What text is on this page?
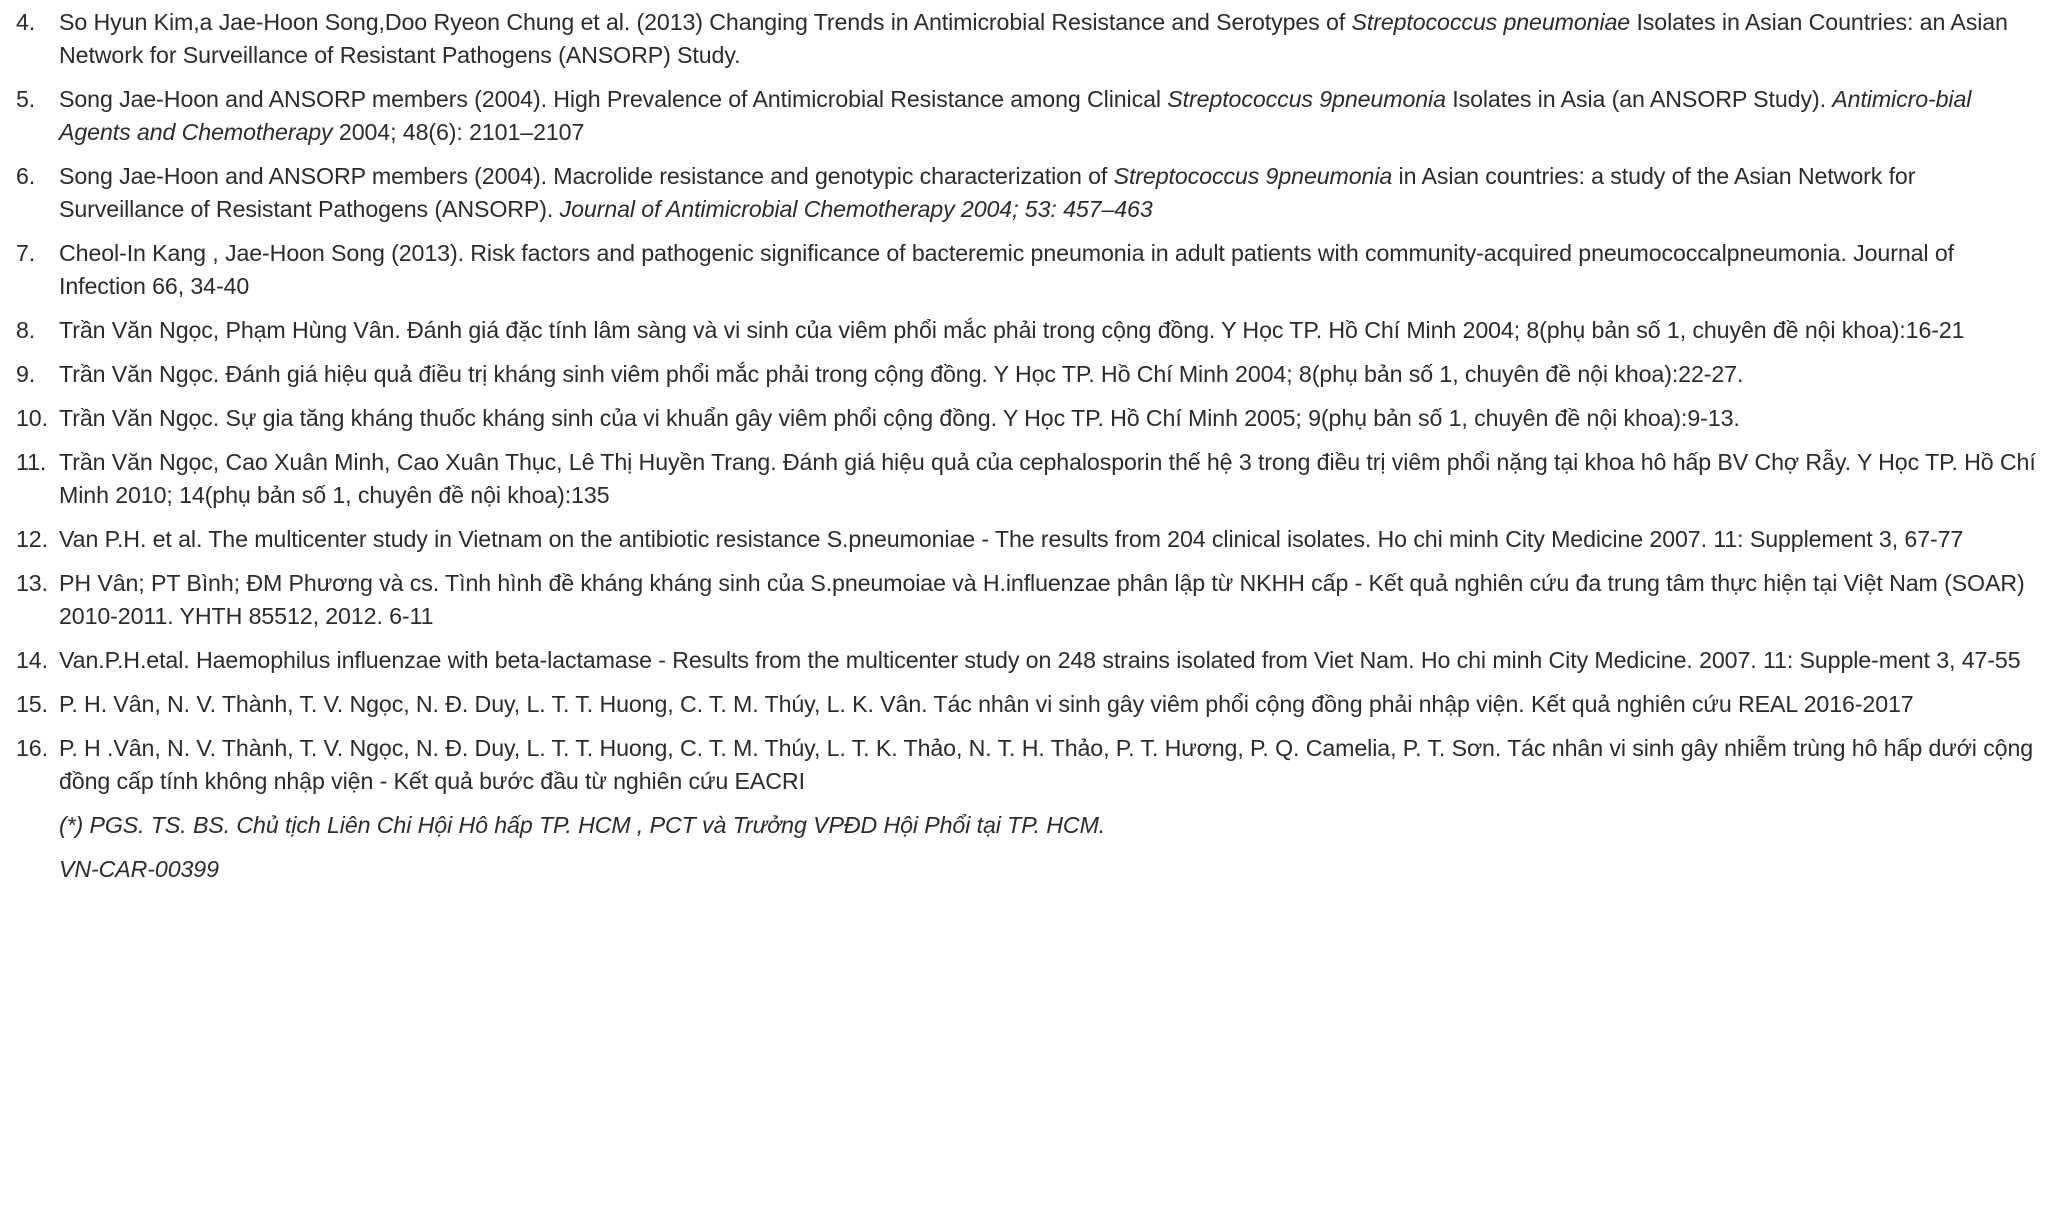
4.	So Hyun Kim,a Jae-Hoon Song,Doo Ryeon Chung et al. (2013) Changing Trends in Antimicrobial Resistance and Serotypes of Streptococcus pneumoniae Isolates in Asian Countries: an Asian Network for Surveillance of Resistant Pathogens (ANSORP) Study.
5.	Song Jae-Hoon and ANSORP members (2004). High Prevalence of Antimicrobial Resistance among Clinical Streptococcus 9pneumonia Isolates in Asia (an ANSORP Study). Antimicro-bial Agents and Chemotherapy 2004; 48(6): 2101–2107
6.	Song Jae-Hoon and ANSORP members (2004). Macrolide resistance and genotypic characterization of Streptococcus 9pneumonia in Asian countries: a study of the Asian Network for Surveillance of Resistant Pathogens (ANSORP). Journal of Antimicrobial Chemotherapy 2004; 53: 457–463
7.	Cheol-In Kang , Jae-Hoon Song (2013). Risk factors and pathogenic significance of bacteremic pneumonia in adult patients with community-acquired pneumococcalpneumonia. Journal of Infection 66, 34-40
8.	Trần Văn Ngọc, Phạm Hùng Vân. Đánh giá đặc tính lâm sàng và vi sinh của viêm phổi mắc phải trong cộng đồng. Y Học TP. Hồ Chí Minh 2004; 8(phụ bản số 1, chuyên đề nội khoa):16-21
9.	Trần Văn Ngọc. Đánh giá hiệu quả điều trị kháng sinh viêm phổi mắc phải trong cộng đồng. Y Học TP. Hồ Chí Minh 2004; 8(phụ bản số 1, chuyên đề nội khoa):22-27.
10. Trần Văn Ngọc. Sự gia tăng kháng thuốc kháng sinh của vi khuẩn gây viêm phổi cộng đồng. Y Học TP. Hồ Chí Minh 2005; 9(phụ bản số 1, chuyên đề nội khoa):9-13.
11. Trần Văn Ngọc, Cao Xuân Minh, Cao Xuân Thục, Lê Thị Huyền Trang. Đánh giá hiệu quả của cephalosporin thế hệ 3 trong điều trị viêm phổi nặng tại khoa hô hấp BV Chợ Rẫy. Y Học TP. Hồ Chí Minh 2010; 14(phụ bản số 1, chuyên đề nội khoa):135
12. Van P.H. et al. The multicenter study in Vietnam on the antibiotic resistance S.pneumoniae - The results from 204 clinical isolates. Ho chi minh City Medicine 2007. 11: Supplement 3, 67-77
13. PH Vân; PT Bình; ĐM Phương và cs. Tình hình đề kháng kháng sinh của S.pneumoiae và H.influenzae phân lập từ NKHH cấp - Kết quả nghiên cứu đa trung tâm thực hiện tại Việt Nam (SOAR) 2010-2011. YHTH 85512, 2012. 6-11
14. Van.P.H.etal. Haemophilus influenzae with beta-lactamase - Results from the multicenter study on 248 strains isolated from Viet Nam. Ho chi minh City Medicine. 2007. 11: Supple-ment 3, 47-55
15. P. H. Vân, N. V. Thành, T. V. Ngọc, N. Đ. Duy, L. T. T. Huong, C. T. M. Thúy, L. K. Vân. Tác nhân vi sinh gây viêm phổi cộng đồng phải nhập viện. Kết quả nghiên cứu REAL 2016-2017
16. P. H .Vân, N. V. Thành, T. V. Ngọc, N. Đ. Duy, L. T. T. Huong, C. T. M. Thúy, L. T. K. Thảo, N. T. H. Thảo, P. T. Hương, P. Q. Camelia, P. T. Sơn. Tác nhân vi sinh gây nhiễm trùng hô hấp dưới cộng đồng cấp tính không nhập viện - Kết quả bước đầu từ nghiên cứu EACRI
(*) PGS. TS. BS. Chủ tịch Liên Chi Hội Hô hấp TP. HCM , PCT và Trưởng VPĐD Hội Phổi tại TP. HCM.
VN-CAR-00399
